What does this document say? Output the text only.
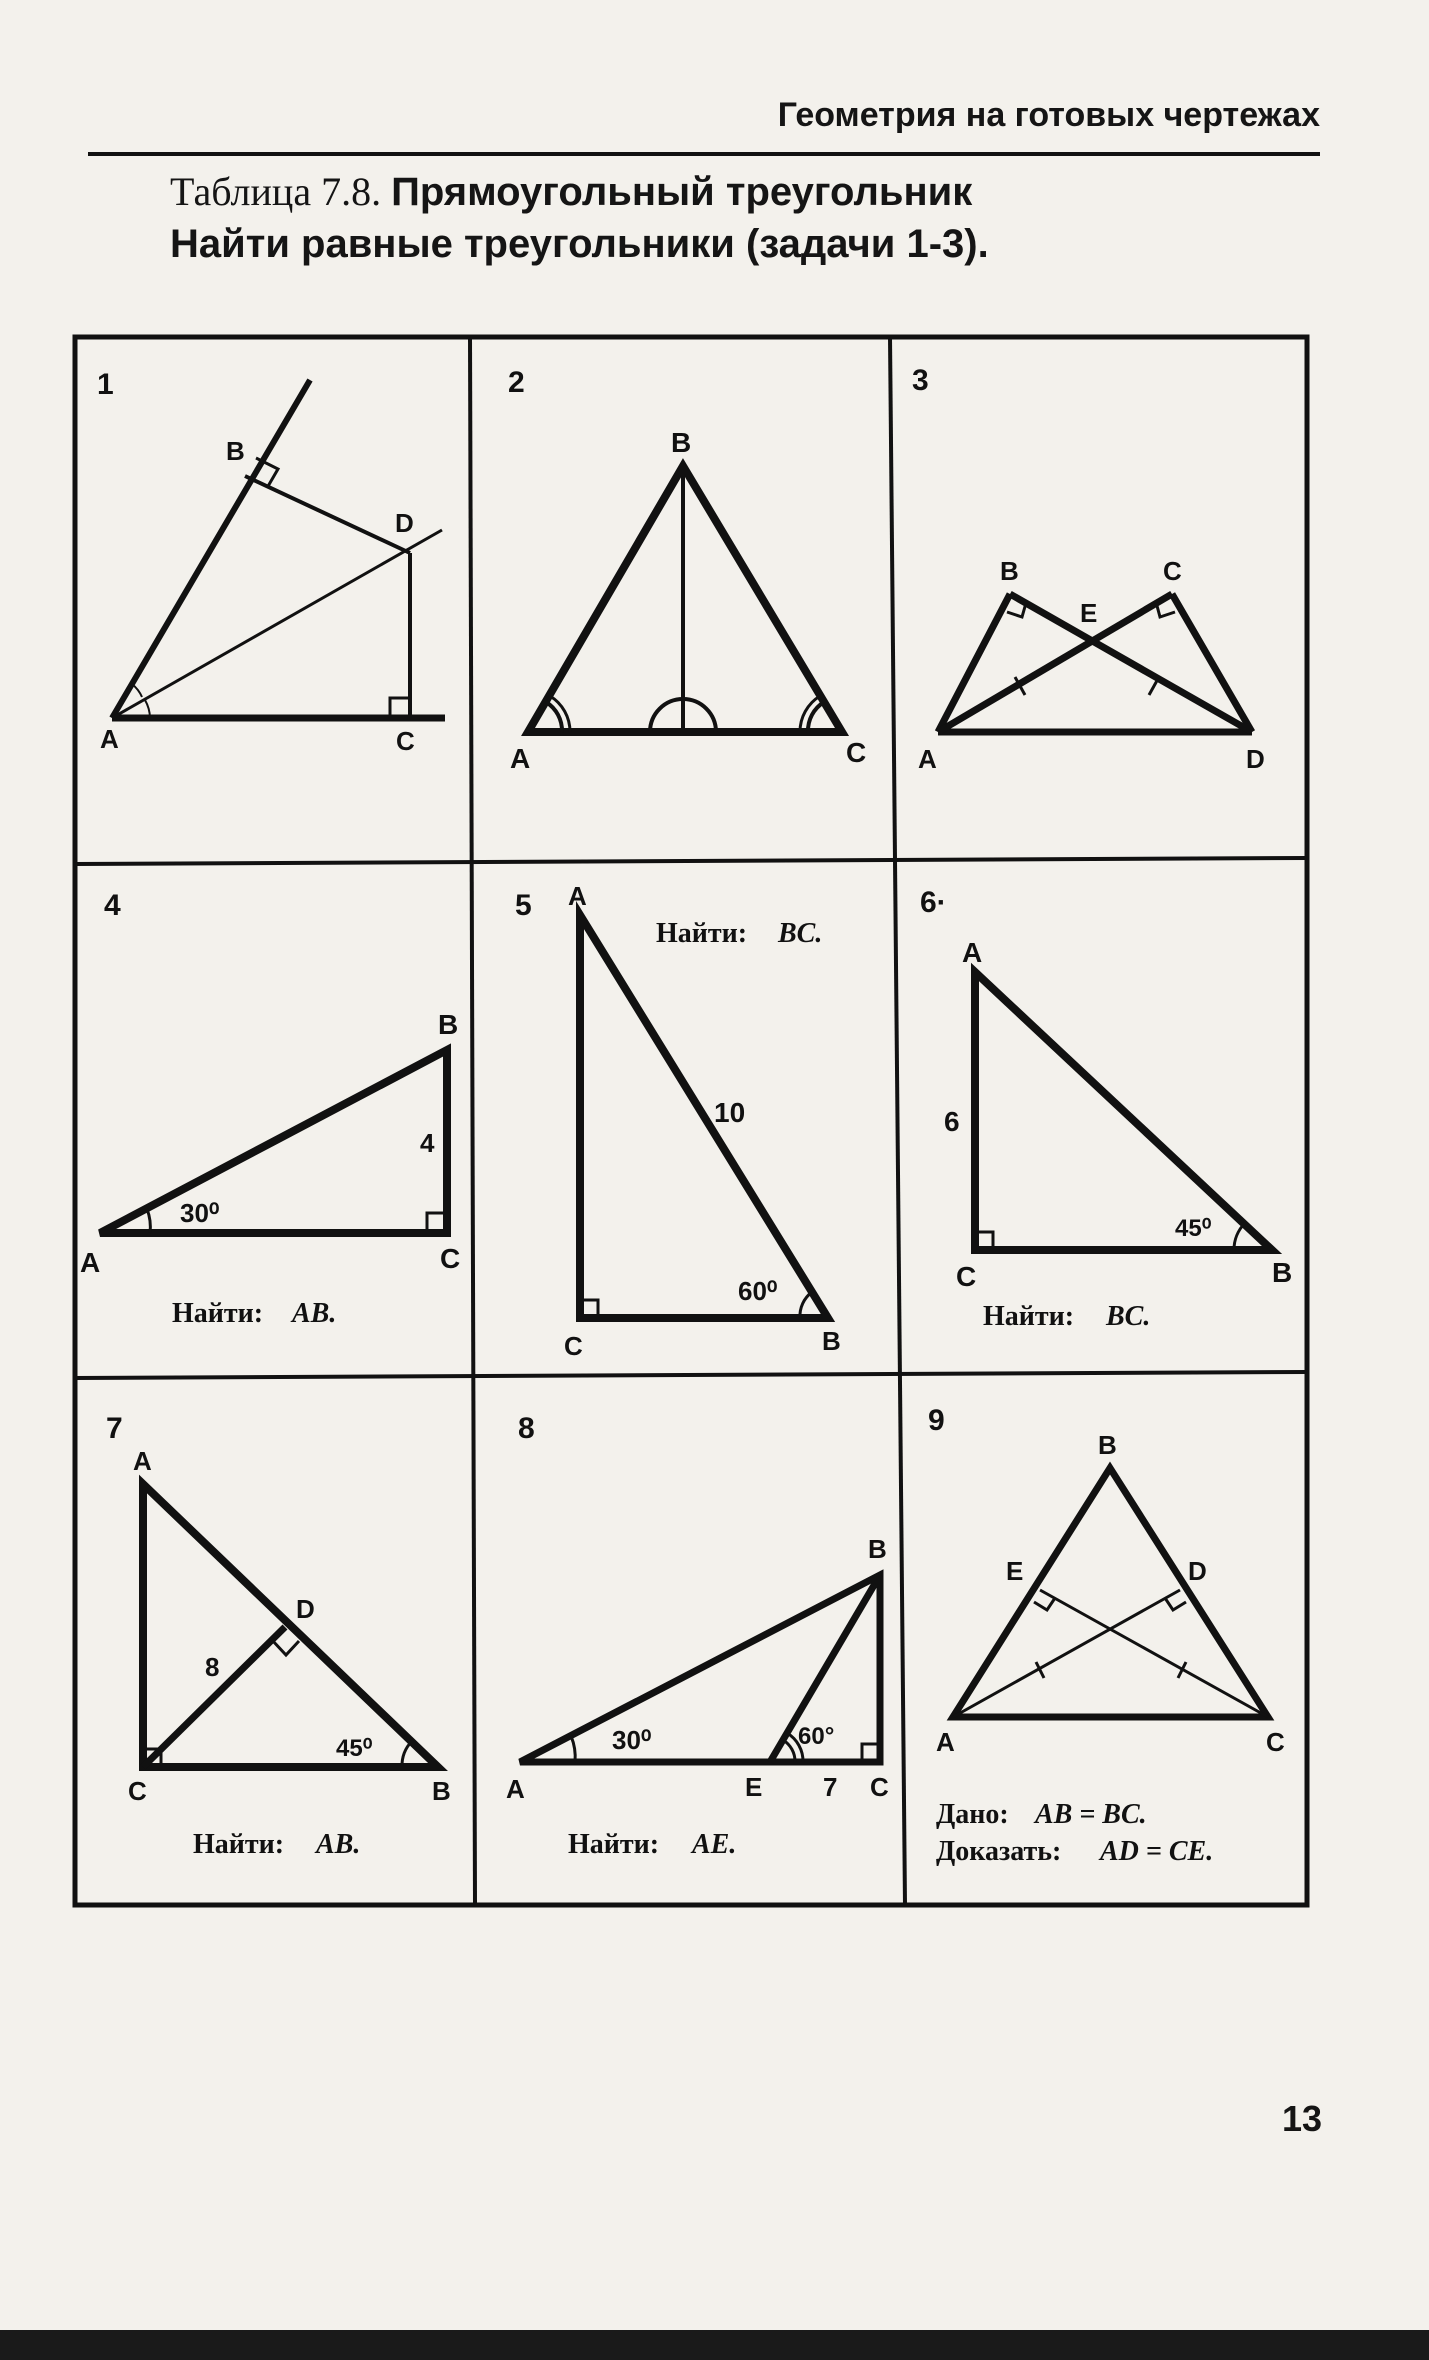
Геометрия на готовых чертежах
Таблица 7.8. Прямоугольный треугольник
Найти равные треугольники (задачи 1-3).
1
A
B
D
C
2
B
A	C
3
B	C
E
A	D
4
30⁰
4
B
A	C
Найти: AB.
5 A
C	B
10
60⁰
Найти: BC.
6·
A
6
45⁰
C	B
Найти: BC.
7
A
D
8
45⁰
C	B
Найти: AB.
8
B
30⁰	60°
A	E 7 C
Найти: AE.
9
B
E	D
A	C
Дано: AB = BC.
Доказать: AD = CE.
13
